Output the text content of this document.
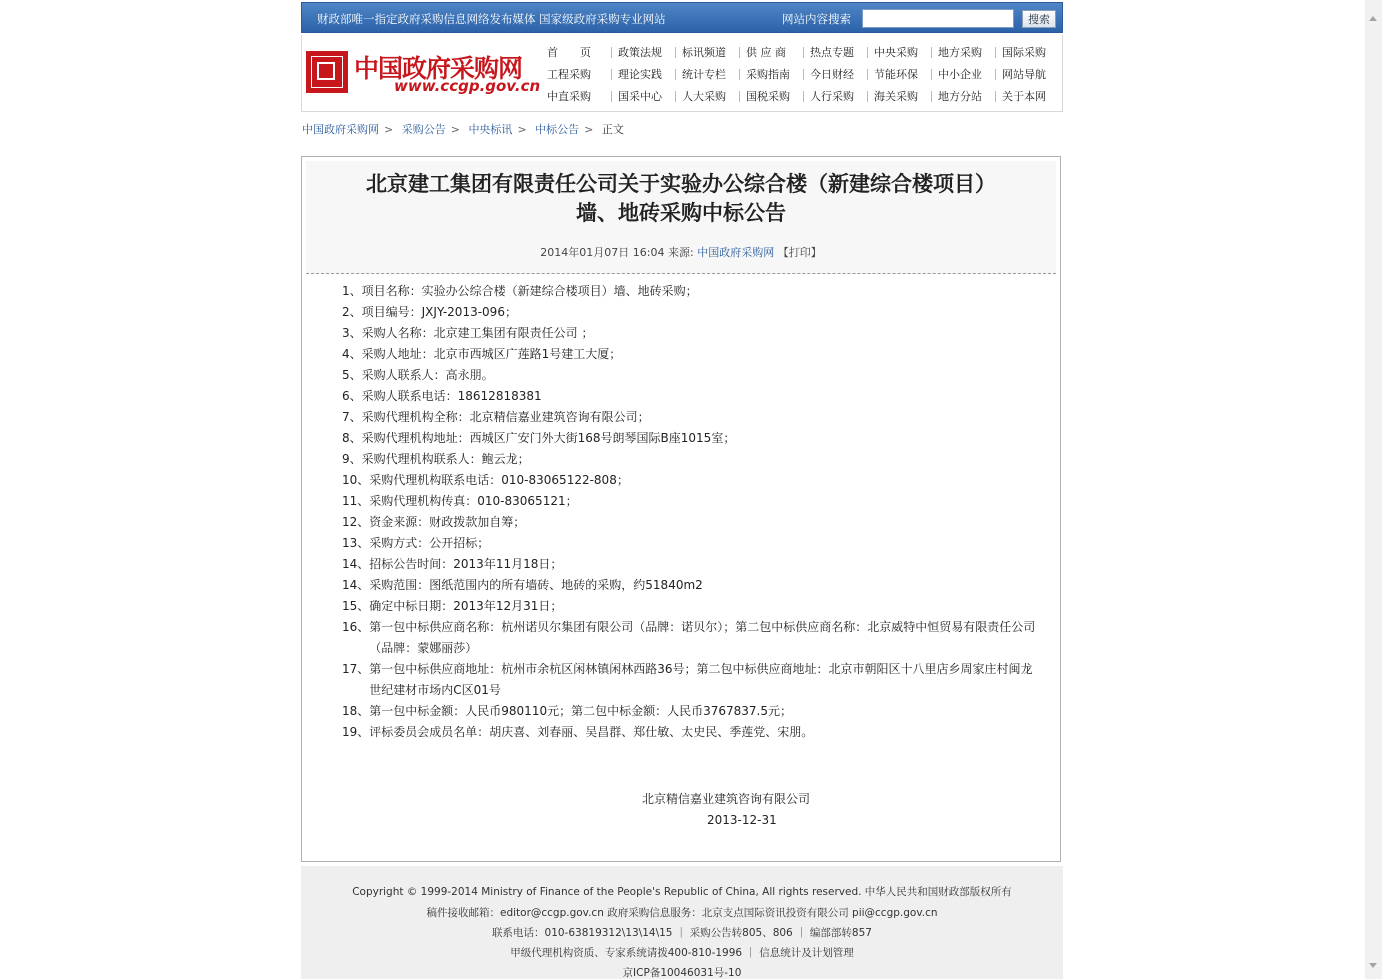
财政部唯一指定政府采购信息网络发布媒体 国家级政府采购专业网站	网站内容搜索	搜索
中国政府采购网
www.ccgp.gov.cn
首　　页 政策法规 标讯频道 供 应 商 热点专题 中央采购 地方采购 国际采购
工程采购 理论实践 统计专栏 采购指南 今日财经 节能环保 中小企业 网站导航
中直采购 国采中心 人大采购 国税采购 人行采购 海关采购 地方分站 关于本网
中国政府采购网 > 采购公告 > 中央标讯 > 中标公告 > 正文
北京建工集团有限责任公司关于实验办公综合楼（新建综合楼项目）
墙、地砖采购中标公告
2014年01月07日 16:04 来源: 中国政府采购网 【打印】
1、 项目名称：实验办公综合楼（新建综合楼项目）墙、地砖采购；
2、 项目编号：JXJY-2013-096；
3、 采购人名称：北京建工集团有限责任公司 ；
4、 采购人地址：北京市西城区广莲路1号建工大厦；
5、 采购人联系人：高永朋。
6、 采购人联系电话：18612818381
7、 采购代理机构全称：北京精信嘉业建筑咨询有限公司；
8、 采购代理机构地址：西城区广安门外大街168号朗琴国际B座1015室；
9、 采购代理机构联系人：鲍云龙；
10、 采购代理机构联系电话：010-83065122-808；
11、 采购代理机构传真：010-83065121；
12、 资金来源：财政拨款加自筹；
13、 采购方式：公开招标；
14、 招标公告时间：2013年11月18日；
14、 采购范围：图纸范围内的所有墙砖、地砖的采购，约51840m2
15、 确定中标日期：2013年12月31日；
16、 第一包中标供应商名称：杭州诺贝尔集团有限公司（品牌：诺贝尔）；第二包中标供应商名称：北京威特中恒贸易有限责任公司（品牌：蒙娜丽莎）
17、 第一包中标供应商地址：杭州市余杭区闲林镇闲林西路36号；第二包中标供应商地址：北京市朝阳区十八里店乡周家庄村闽龙世纪建材市场内C区01号
18、 第一包中标金额：人民币980110元；第二包中标金额：人民币3767837.5元；
19、 评标委员会成员名单：胡庆喜、刘春丽、吴昌群、郑仕敏、太史民、季莲党、宋朋。
北京精信嘉业建筑咨询有限公司
2013-12-31
Copyright © 1999-2014 Ministry of Finance of the People's Republic of China, All rights reserved. 中华人民共和国财政部版权所有
稿件接收邮箱：editor@ccgp.gov.cn 政府采购信息服务：北京支点国际资讯投资有限公司 pii@ccgp.gov.cn
联系电话：010-63819312\13\14\15 ｜ 采购公告转805、806 ｜ 编部部转857
甲级代理机构资质、专家系统请拨400-810-1996 ｜ 信息统计及计划管理
京ICP备10046031号-10
